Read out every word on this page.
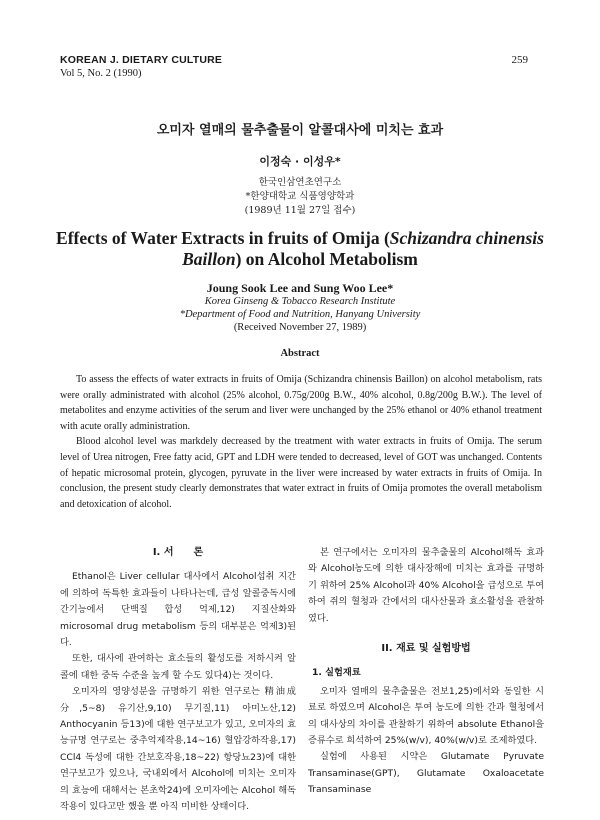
KOREAN J. DIETARY CULTURE
Vol 5, No. 2 (1990)
259
오미자 열매의 물추출물이 알콜대사에 미치는 효과
이정숙 · 이성우*
한국인삼연초연구소
*한양대학교 식품영양학과
(1989년 11월 27일 접수)
Effects of Water Extracts in fruits of Omija (Schizandra chinensis Baillon) on Alcohol Metabolism
Joung Sook Lee and Sung Woo Lee*
Korea Ginseng & Tobacco Research Institute
*Department of Food and Nutrition, Hanyang University
(Received November 27, 1989)
Abstract

To assess the effects of water extracts in fruits of Omija (Schizandra chinensis Baillon) on alcohol metabolism, rats were orally administrated with alcohol (25% alcohol, 0.75g/200g B.W., 40% alcohol, 0.8g/200g B.W.). The level of metabolites and enzyme activities of the serum and liver were unchanged by the 25% ethanol or 40% ethanol treatment with acute orally administration.

Blood alcohol level was markdely decreased by the treatment with water extracts in fruits of Omija. The serum level of Urea nitrogen, Free fatty acid, GPT and LDH were tended to decreased, level of GOT was unchanged. Contents of hepatic microsomal protein, glycogen, pyruvate in the liver were increased by water extracts in fruits of Omija. In conclusion, the present study clearly demonstrates that water extract in fruits of Omija promotes the overall metabolism and detoxication of alcohol.

I. 서　　론

Ethanol은 Liver cellular 대사에서 Alcohol섭취 지간에 의하여 독특한 효과들이 나타나는데, 급성 알콜중독시에 간기능에서 단백질 합성 억제,12) 지질산화와 microsomal drug metabolism 등의 대부분은 억제3)된다.

또한, 대사에 관여하는 효소들의 활성도를 저하시켜 알콜에 대한 중독 수준을 높게 할 수도 있다4)는 것이다.

오미자의 영양성분을 규명하기 위한 연구로는 精油成分,5~8) 유기산,9,10) 무기질,11) 아미노산,12) Anthocyanin 등13)에 대한 연구보고가 있고, 오미자의 효능규명 연구로는 중추억제작용,14~16) 혈압강하작용,17) CCl4 독성에 대한 간보호작용,18~22) 항당뇨23)에 대한 연구보고가 있으나, 국내외에서 Alcohol에 미치는 오미자의 효능에 대해서는 본초학24)에 오미자에는 Alcohol 해독작용이 있다고만 했을 뿐 아직 미비한 상태이다.

본 연구에서는 오미자의 물추출물의 Alcohol해독 효과와 Alcohol농도에 의한 대사장해에 미치는 효과를 규명하기 위하여 25% Alcohol과 40% Alcohol을 급성으로 투여하여 쥐의 혈청과 간에서의 대사산물과 효소활성을 관찰하였다.

II. 재료 및 실험방법
1. 실험재료

오미자 열매의 물추출물은 전보1,25)에서와 동일한 시료로 하였으며 Alcohol은 투여 농도에 의한 간과 혈청에서의 대사상의 차이를 관찰하기 위하여 absolute Ethanol을 증류수로 희석하여 25%(w/v), 40%(w/v)로 조제하였다.

실험에 사용된 시약은 Glutamate Pyruvate Transaminase(GPT), Glutamate Oxaloacetate Transaminase
